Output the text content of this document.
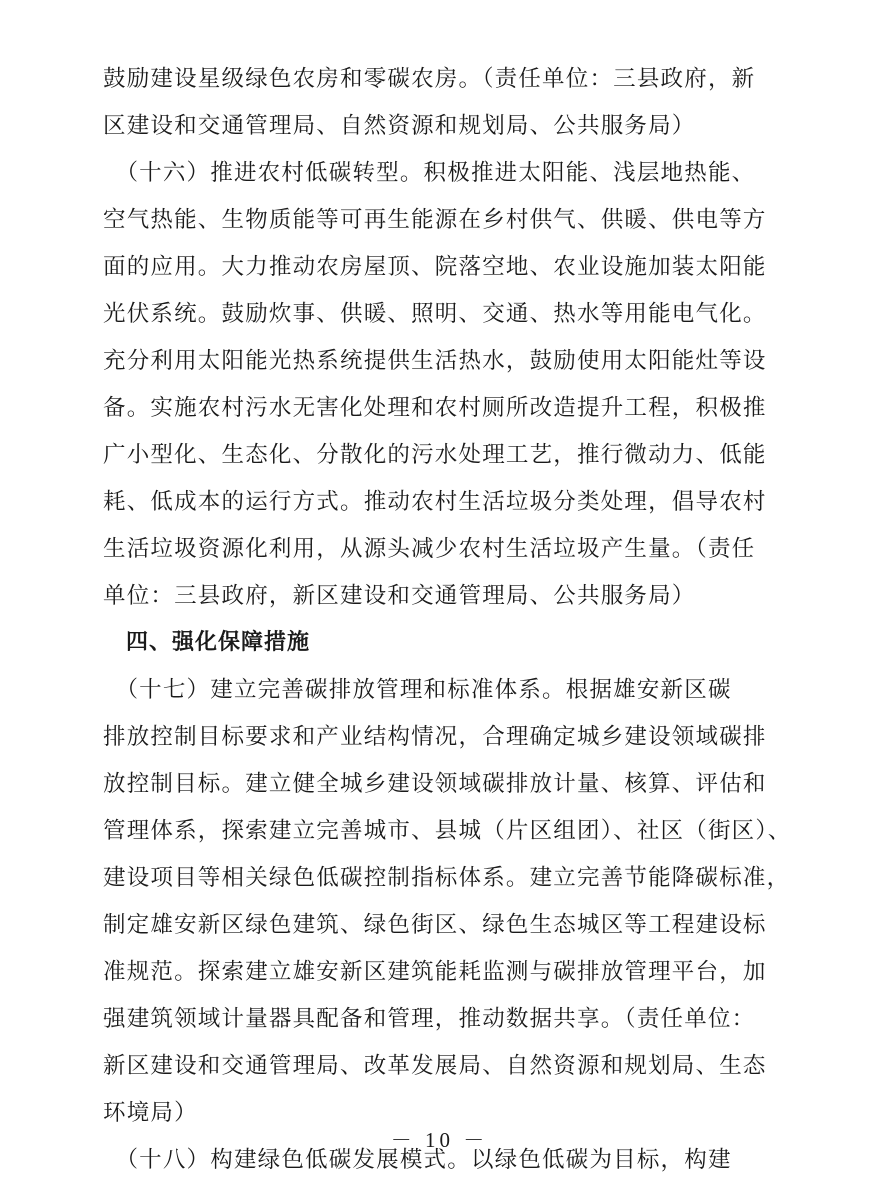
鼓励建设星级绿色农房和零碳农房。（责任单位：三县政府，新
区建设和交通管理局、自然资源和规划局、公共服务局）
　（十六）推进农村低碳转型。积极推进太阳能、浅层地热能、
空气热能、生物质能等可再生能源在乡村供气、供暖、供电等方
面的应用。大力推动农房屋顶、院落空地、农业设施加装太阳能
光伏系统。鼓励炊事、供暖、照明、交通、热水等用能电气化。
充分利用太阳能光热系统提供生活热水，鼓励使用太阳能灶等设
备。实施农村污水无害化处理和农村厕所改造提升工程，积极推
广小型化、生态化、分散化的污水处理工艺，推行微动力、低能
耗、低成本的运行方式。推动农村生活垃圾分类处理，倡导农村
生活垃圾资源化利用，从源头减少农村生活垃圾产生量。（责任
单位：三县政府，新区建设和交通管理局、公共服务局）
　四、强化保障措施
　（十七）建立完善碳排放管理和标准体系。根据雄安新区碳
排放控制目标要求和产业结构情况，合理确定城乡建设领域碳排
放控制目标。建立健全城乡建设领域碳排放计量、核算、评估和
管理体系，探索建立完善城市、县城（片区组团）、社区（街区）、
建设项目等相关绿色低碳控制指标体系。建立完善节能降碳标准，
制定雄安新区绿色建筑、绿色街区、绿色生态城区等工程建设标
准规范。探索建立雄安新区建筑能耗监测与碳排放管理平台，加
强建筑领域计量器具配备和管理，推动数据共享。（责任单位：
新区建设和交通管理局、改革发展局、自然资源和规划局、生态
环境局）
　（十八）构建绿色低碳发展模式。以绿色低碳为目标，构建
－ 10 －
